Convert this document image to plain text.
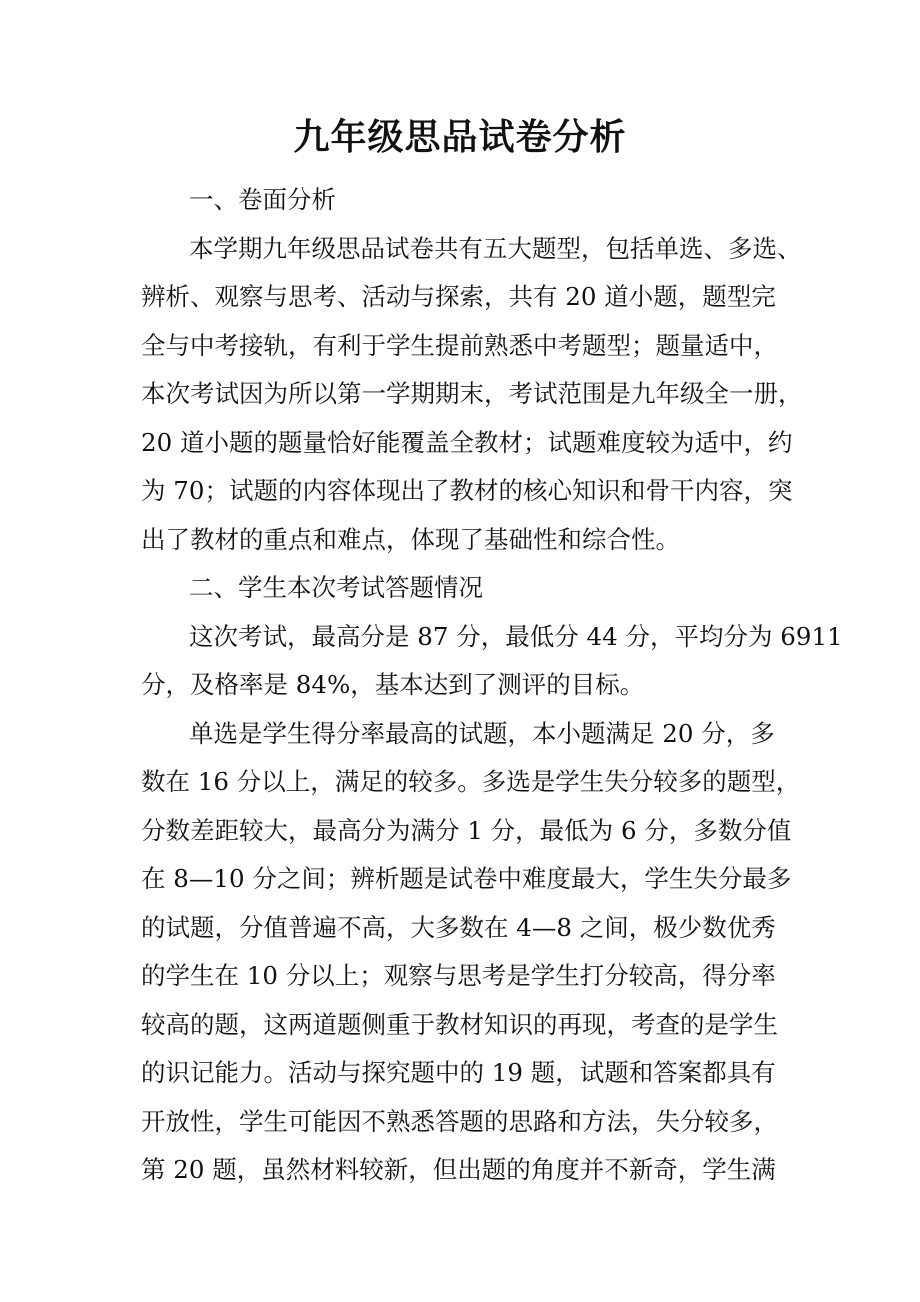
九年级思品试卷分析
一、卷面分析
本学期九年级思品试卷共有五大题型，包括单选、多选、
辨析、观察与思考、活动与探索，共有 20 道小题，题型完
全与中考接轨，有利于学生提前熟悉中考题型；题量适中，
本次考试因为所以第一学期期末，考试范围是九年级全一册，
20 道小题的题量恰好能覆盖全教材；试题难度较为适中，约
为 70；试题的内容体现出了教材的核心知识和骨干内容，突
出了教材的重点和难点，体现了基础性和综合性。
二、学生本次考试答题情况
这次考试，最高分是 87 分，最低分 44 分，平均分为 6911
分，及格率是 84%，基本达到了测评的目标。
单选是学生得分率最高的试题，本小题满足 20 分，多
数在 16 分以上，满足的较多。多选是学生失分较多的题型，
分数差距较大，最高分为满分 1 分，最低为 6 分，多数分值
在 8—10 分之间；辨析题是试卷中难度最大，学生失分最多
的试题，分值普遍不高，大多数在 4—8 之间，极少数优秀
的学生在 10 分以上；观察与思考是学生打分较高，得分率
较高的题，这两道题侧重于教材知识的再现，考查的是学生
的识记能力。活动与探究题中的 19 题，试题和答案都具有
开放性，学生可能因不熟悉答题的思路和方法，失分较多，
第 20 题，虽然材料较新，但出题的角度并不新奇，学生满
